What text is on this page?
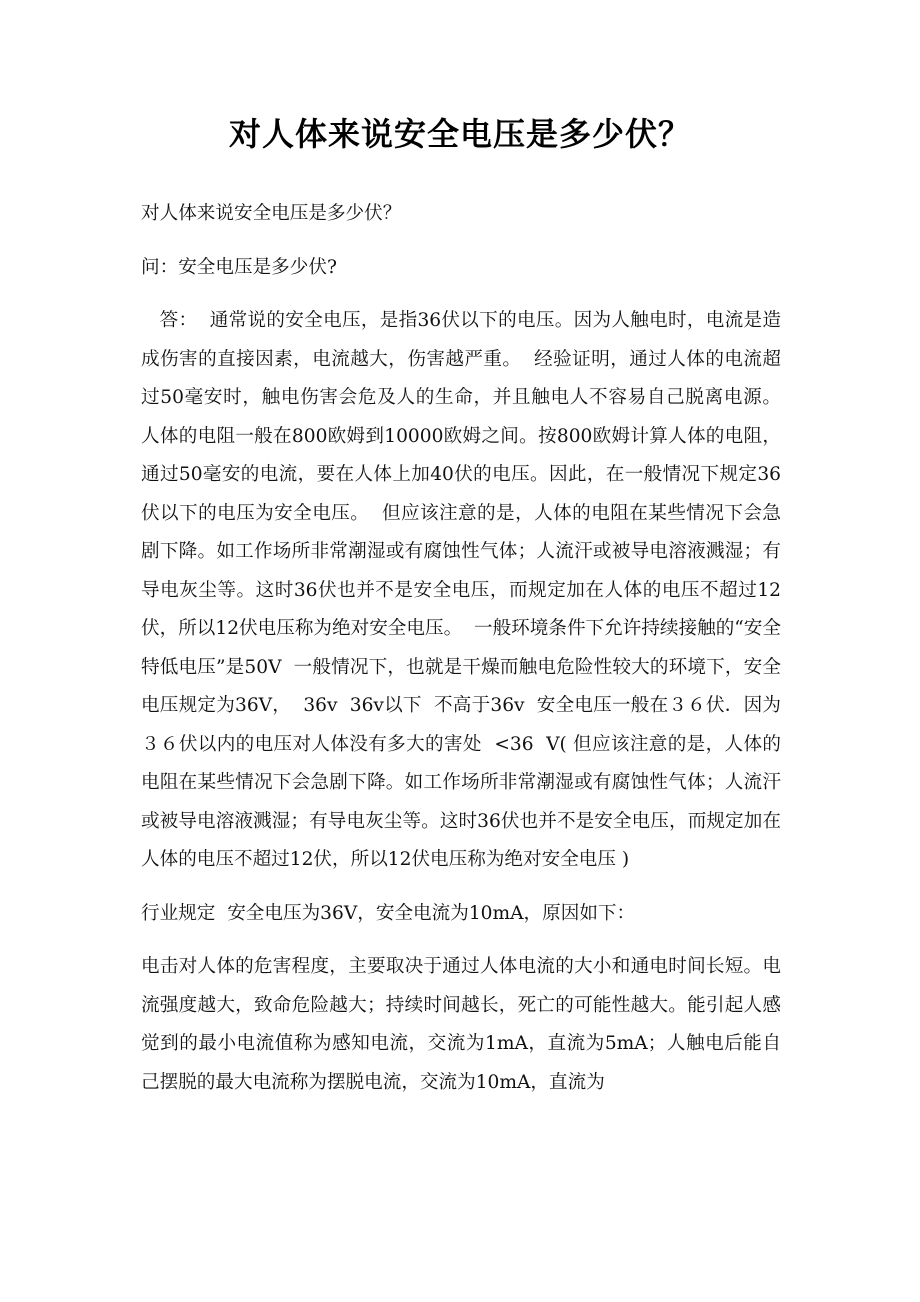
对人体来说安全电压是多少伏？

对人体来说安全电压是多少伏？

问：安全电压是多少伏?

答：  通常说的安全电压，是指36伏以下的电压。因为人触电时，电流是造成伤害的直接因素，电流越大，伤害越严重。  经验证明，通过人体的电流超过50毫安时，触电伤害会危及人的生命，并且触电人不容易自己脱离电源。  人体的电阻一般在800欧姆到10000欧姆之间。按800欧姆计算人体的电阻，通过50毫安的电流，要在人体上加40伏的电压。因此，在一般情况下规定36伏以下的电压为安全电压。  但应该注意的是，人体的电阻在某些情况下会急剧下降。如工作场所非常潮湿或有腐蚀性气体；人流汗或被导电溶液溅湿；有导电灰尘等。这时36伏也并不是安全电压，而规定加在人体的电压不超过12伏，所以12伏电压称为绝对安全电压。  一般环境条件下允许持续接触的“安全特低电压”是50V  一般情况下，也就是干燥而触电危险性较大的环境下，安全电压规定为36V，  36v  36v以下  不高于36v  安全电压一般在３６伏．因为３６伏以内的电压对人体没有多大的害处  <36  V( 但应该注意的是，人体的电阻在某些情况下会急剧下降。如工作场所非常潮湿或有腐蚀性气体；人流汗或被导电溶液溅湿；有导电灰尘等。这时36伏也并不是安全电压，而规定加在人体的电压不超过12伏，所以12伏电压称为绝对安全电压 )

行业规定  安全电压为36V，安全电流为10mA，原因如下：

电击对人体的危害程度，主要取决于通过人体电流的大小和通电时间长短。电流强度越大，致命危险越大；持续时间越长，死亡的可能性越大。能引起人感觉到的最小电流值称为感知电流，交流为1mA，直流为5mA；人触电后能自己摆脱的最大电流称为摆脱电流，交流为10mA，直流为
